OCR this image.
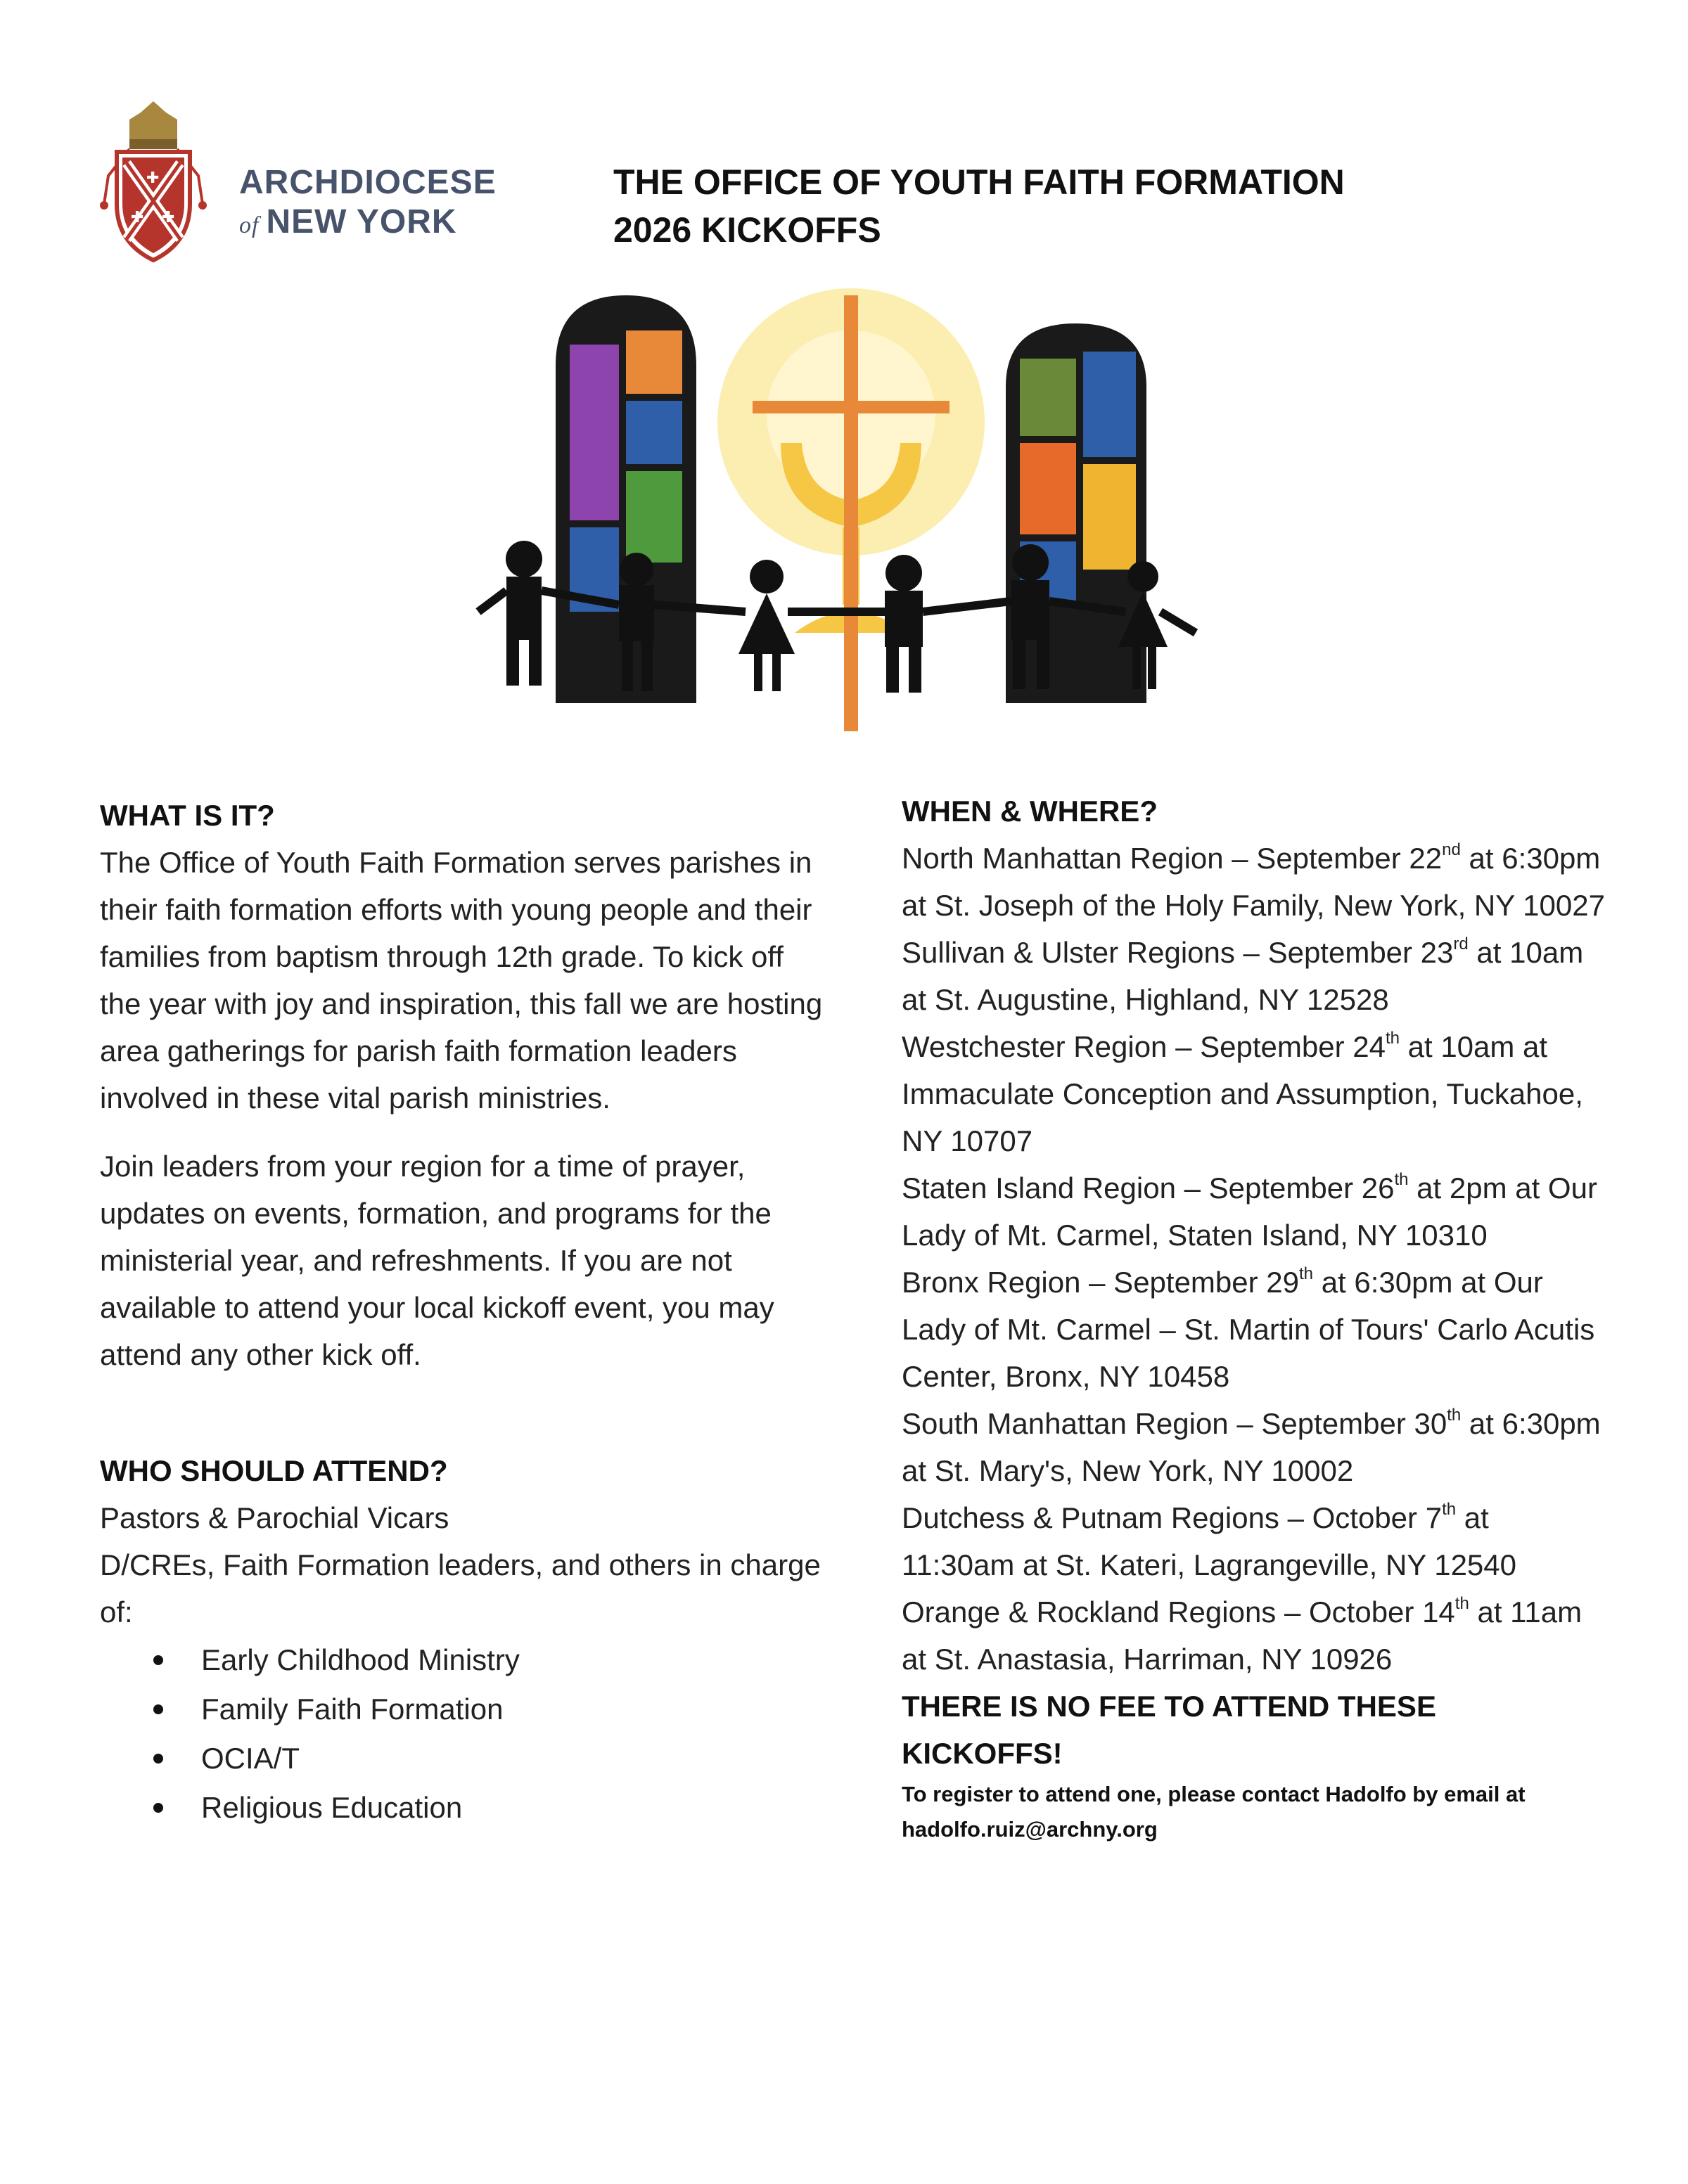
✚ ✚
✚ ARCHDIOCESE
of NEW YORK
THE OFFICE OF YOUTH FAITH FORMATION
2026 KICKOFFS

WHAT IS IT?

The Office of Youth Faith Formation serves parishes in their faith formation efforts with young people and their families from baptism through 12th grade. To kick off the year with joy and inspiration, this fall we are hosting area gatherings for parish faith formation leaders involved in these vital parish ministries.

Join leaders from your region for a time of prayer, updates on events, formation, and programs for the ministerial year, and refreshments. If you are not available to attend your local kickoff event, you may attend any other kick off.

WHO SHOULD ATTEND?

Pastors & Parochial Vicars

D/CREs, Faith Formation leaders, and others in charge of:

Early Childhood Ministry
Family Faith Formation
OCIA/T
Religious Education

WHEN & WHERE?

North Manhattan Region – September 22nd at 6:30pm at St. Joseph of the Holy Family, New York, NY 10027

Sullivan & Ulster Regions – September 23rd at 10am at St. Augustine, Highland, NY 12528

Westchester Region – September 24th at 10am at Immaculate Conception and Assumption, Tuckahoe, NY 10707

Staten Island Region – September 26th at 2pm at Our Lady of Mt. Carmel, Staten Island, NY 10310

Bronx Region – September 29th at 6:30pm at Our Lady of Mt. Carmel – St. Martin of Tours' Carlo Acutis Center, Bronx, NY 10458

South Manhattan Region – September 30th at 6:30pm at St. Mary's, New York, NY 10002

Dutchess & Putnam Regions – October 7th at 11:30am at St. Kateri, Lagrangeville, NY 12540

Orange & Rockland Regions – October 14th at 11am at St. Anastasia, Harriman, NY 10926

THERE IS NO FEE TO ATTEND THESE KICKOFFS!

To register to attend one, please contact Hadolfo by email at hadolfo.ruiz@archny.org
